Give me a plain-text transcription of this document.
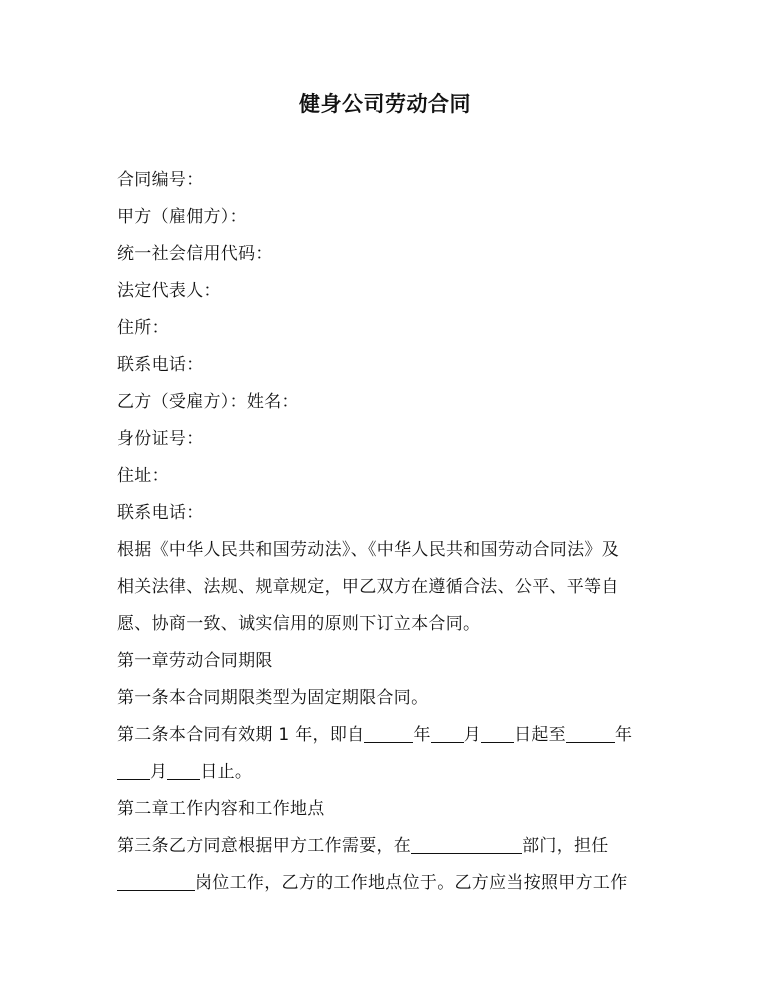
健身公司劳动合同
合同编号：
甲方（雇佣方）：
统一社会信用代码：
法定代表人：
住所：
联系电话：
乙方（受雇方）：姓名：
身份证号：
住址：
联系电话：
根据《中华人民共和国劳动法》、《中华人民共和国劳动合同法》及
相关法律、法规、规章规定，甲乙双方在遵循合法、公平、平等自
愿、协商一致、诚实信用的原则下订立本合同。
第一章劳动合同期限
第一条本合同期限类型为固定期限合同。
第二条本合同有效期 1 年，即自	年 月 日起至	年
月 日止。
第二章工作内容和工作地点
第三条乙方同意根据甲方工作需要，在	部门，担任
岗位工作，乙方的工作地点位于。乙方应当按照甲方工作
